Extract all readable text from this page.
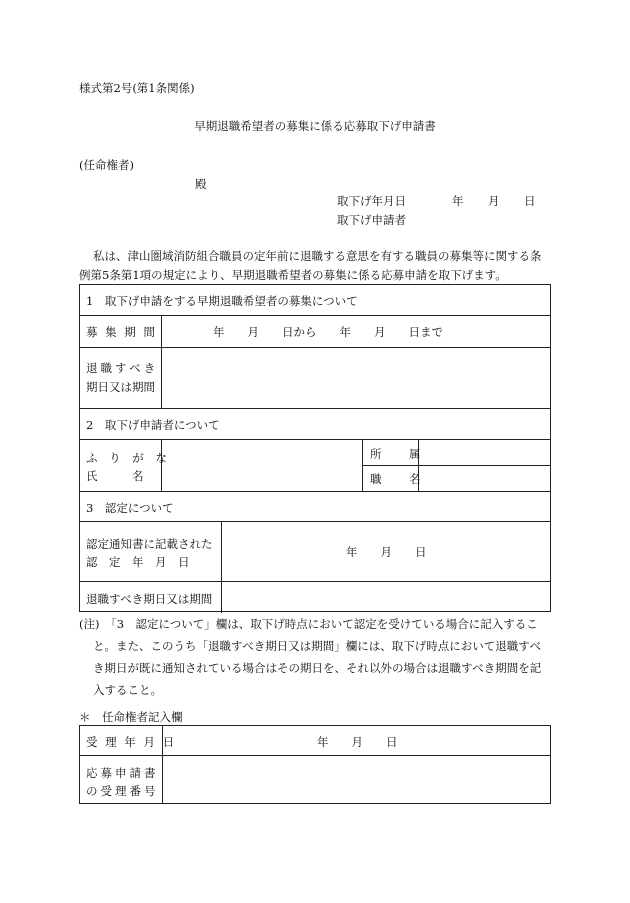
様式第2号(第1条関係)
早期退職希望者の募集に係る応募取下げ申請書
(任命権者)
殿
取下げ年月日	年 月 日
取下げ申請者
私は、津山圏域消防組合職員の定年前に退職する意思を有する職員の募集等に関する条
例第5条第1項の規定により、早期退職希望者の募集に係る応募申請を取下げます。
1　取下げ申請をする早期退職希望者の募集について
募 集 期 間	年　　月　　日から　　年　　月　　日まで
退職すべき
期日又は期間
2　取下げ申請者について
ふ り が な
氏　　　名
所　属
職　名
3　認定について
認定通知書に記載された
認　定　年　月　日
年　　月　　日
退職すべき期日又は期間
(注)　「3　認定について」欄は、取下げ時点において認定を受けている場合に記入するこ
と。また、このうち「退職すべき期日又は期間」欄には、取下げ時点において退職すべ
き期日が既に通知されている場合はその期日を、それ以外の場合は退職すべき期間を記
入すること。
＊　任命権者記入欄
受 理 年 月 日	年　　月　　日
応募申請書
の受理番号
